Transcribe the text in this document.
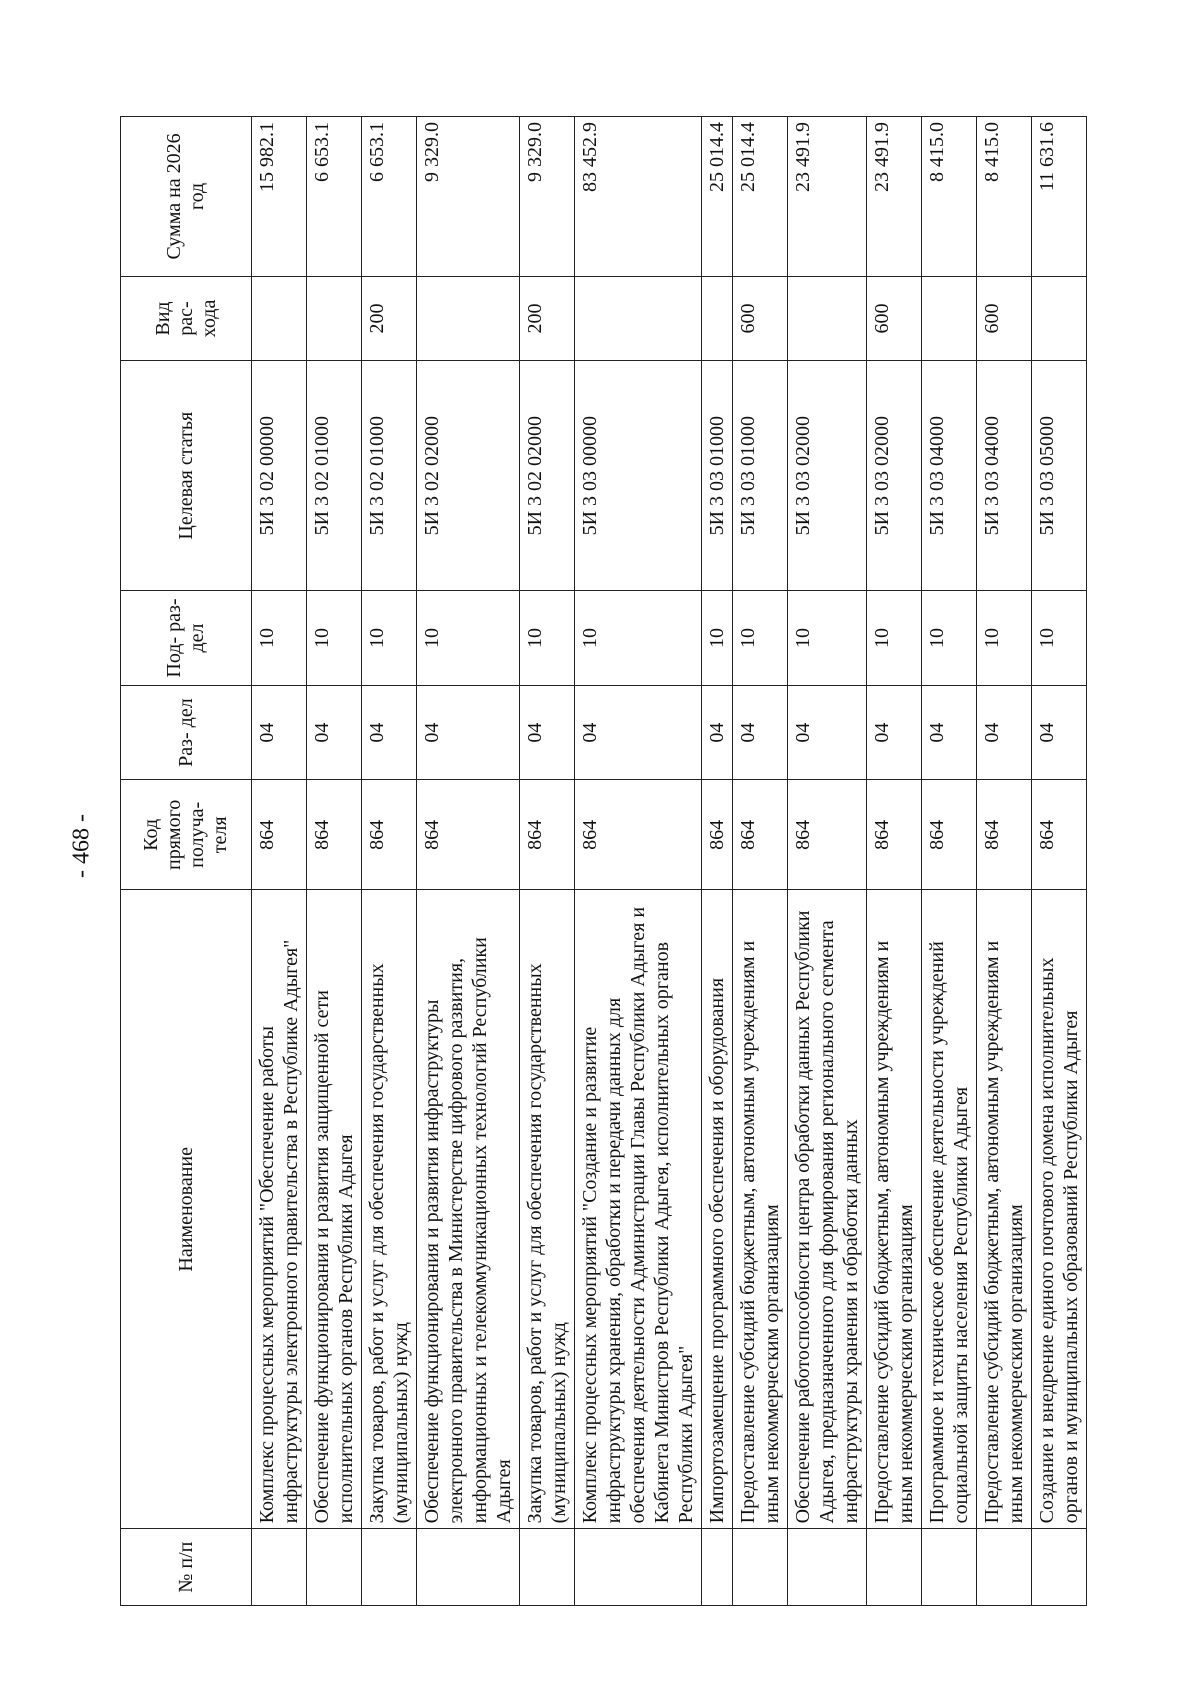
- 468 -
№ п/п	Наименование	Код прямого получа- теля	Раз- дел	Под- раз- дел	Целевая статья	Вид рас- хода	Сумма на 2026 год
	Комплекс процессных мероприятий "Обеспечение работы инфраструктуры электронного правительства в Республике Адыгея"	864	04	10	5И 3 02 00000		15 982.1
	Обеспечение функционирования и развития защищенной сети исполнительных органов Республики Адыгея	864	04	10	5И 3 02 01000		6 653.1
	Закупка товаров, работ и услуг для обеспечения государственных (муниципальных) нужд	864	04	10	5И 3 02 01000	200	6 653.1
	Обеспечение функционирования и развития инфраструктуры электронного правительства в Министерстве цифрового развития, информационных и телекоммуникационных технологий Республики Адыгея	864	04	10	5И 3 02 02000		9 329.0
	Закупка товаров, работ и услуг для обеспечения государственных (муниципальных) нужд	864	04	10	5И 3 02 02000	200	9 329.0
	Комплекс процессных мероприятий "Создание и развитие инфраструктуры хранения, обработки и передачи данных для обеспечения деятельности Администрации Главы Республики Адыгея и Кабинета Министров Республики Адыгея, исполнительных органов Республики Адыгея"	864	04	10	5И 3 03 00000		83 452.9
	Импортозамещение программного обеспечения и оборудования	864	04	10	5И 3 03 01000		25 014.4
	Предоставление субсидий бюджетным, автономным учреждениям и иным некоммерческим организациям	864	04	10	5И 3 03 01000	600	25 014.4
	Обеспечение работоспособности центра обработки данных Республики Адыгея, предназначенного для формирования регионального сегмента инфраструктуры хранения и обработки данных	864	04	10	5И 3 03 02000		23 491.9
	Предоставление субсидий бюджетным, автономным учреждениям и иным некоммерческим организациям	864	04	10	5И 3 03 02000	600	23 491.9
	Программное и техническое обеспечение деятельности учреждений социальной защиты населения Республики Адыгея	864	04	10	5И 3 03 04000		8 415.0
	Предоставление субсидий бюджетным, автономным учреждениям и иным некоммерческим организациям	864	04	10	5И 3 03 04000	600	8 415.0
	Создание и внедрение единого почтового домена исполнительных органов и муниципальных образований Республики Адыгея	864	04	10	5И 3 03 05000		11 631.6
